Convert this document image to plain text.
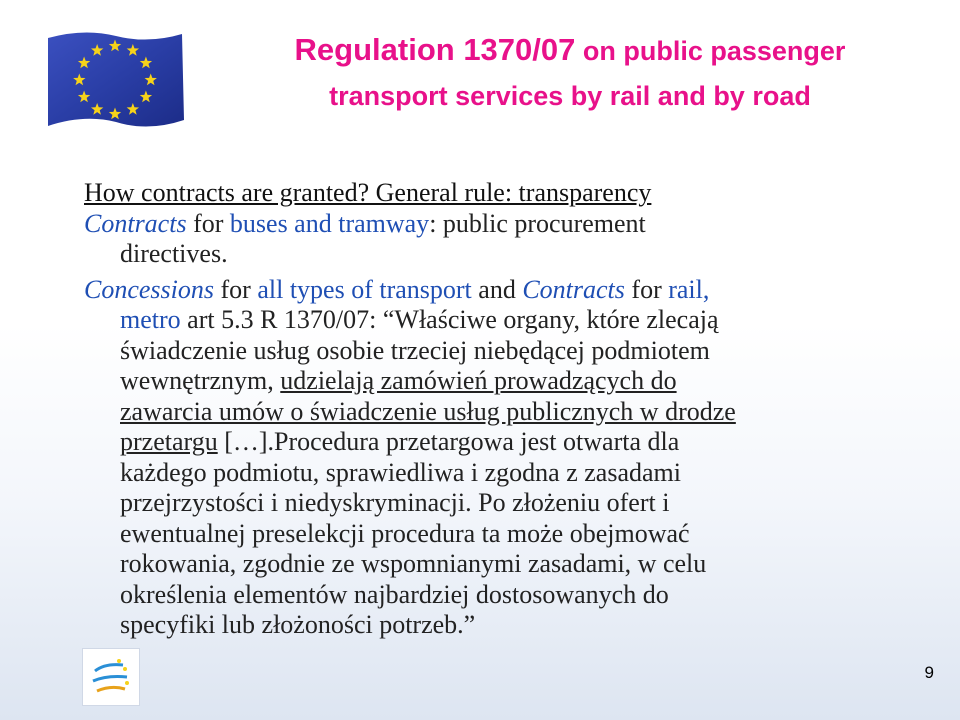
Regulation 1370/07 on public passenger
transport services by rail and by road
How contracts are granted? General rule: transparency
Contracts for buses and tramway: public procurement
directives.
Concessions for all types of transport and Contracts for rail,
metro art 5.3 R 1370/07: “Właściwe organy, które zlecają
świadczenie usług osobie trzeciej niebędącej podmiotem
wewnętrznym, udzielają zamówień prowadzących do
zawarcia umów o świadczenie usług publicznych w drodze
przetargu […].Procedura przetargowa jest otwarta dla
każdego podmiotu, sprawiedliwa i zgodna z zasadami
przejrzystości i niedyskryminacji. Po złożeniu ofert i
ewentualnej preselekcji procedura ta może obejmować
rokowania, zgodnie ze wspomnianymi zasadami, w celu
określenia elementów najbardziej dostosowanych do
specyfiki lub złożoności potrzeb.”
9
